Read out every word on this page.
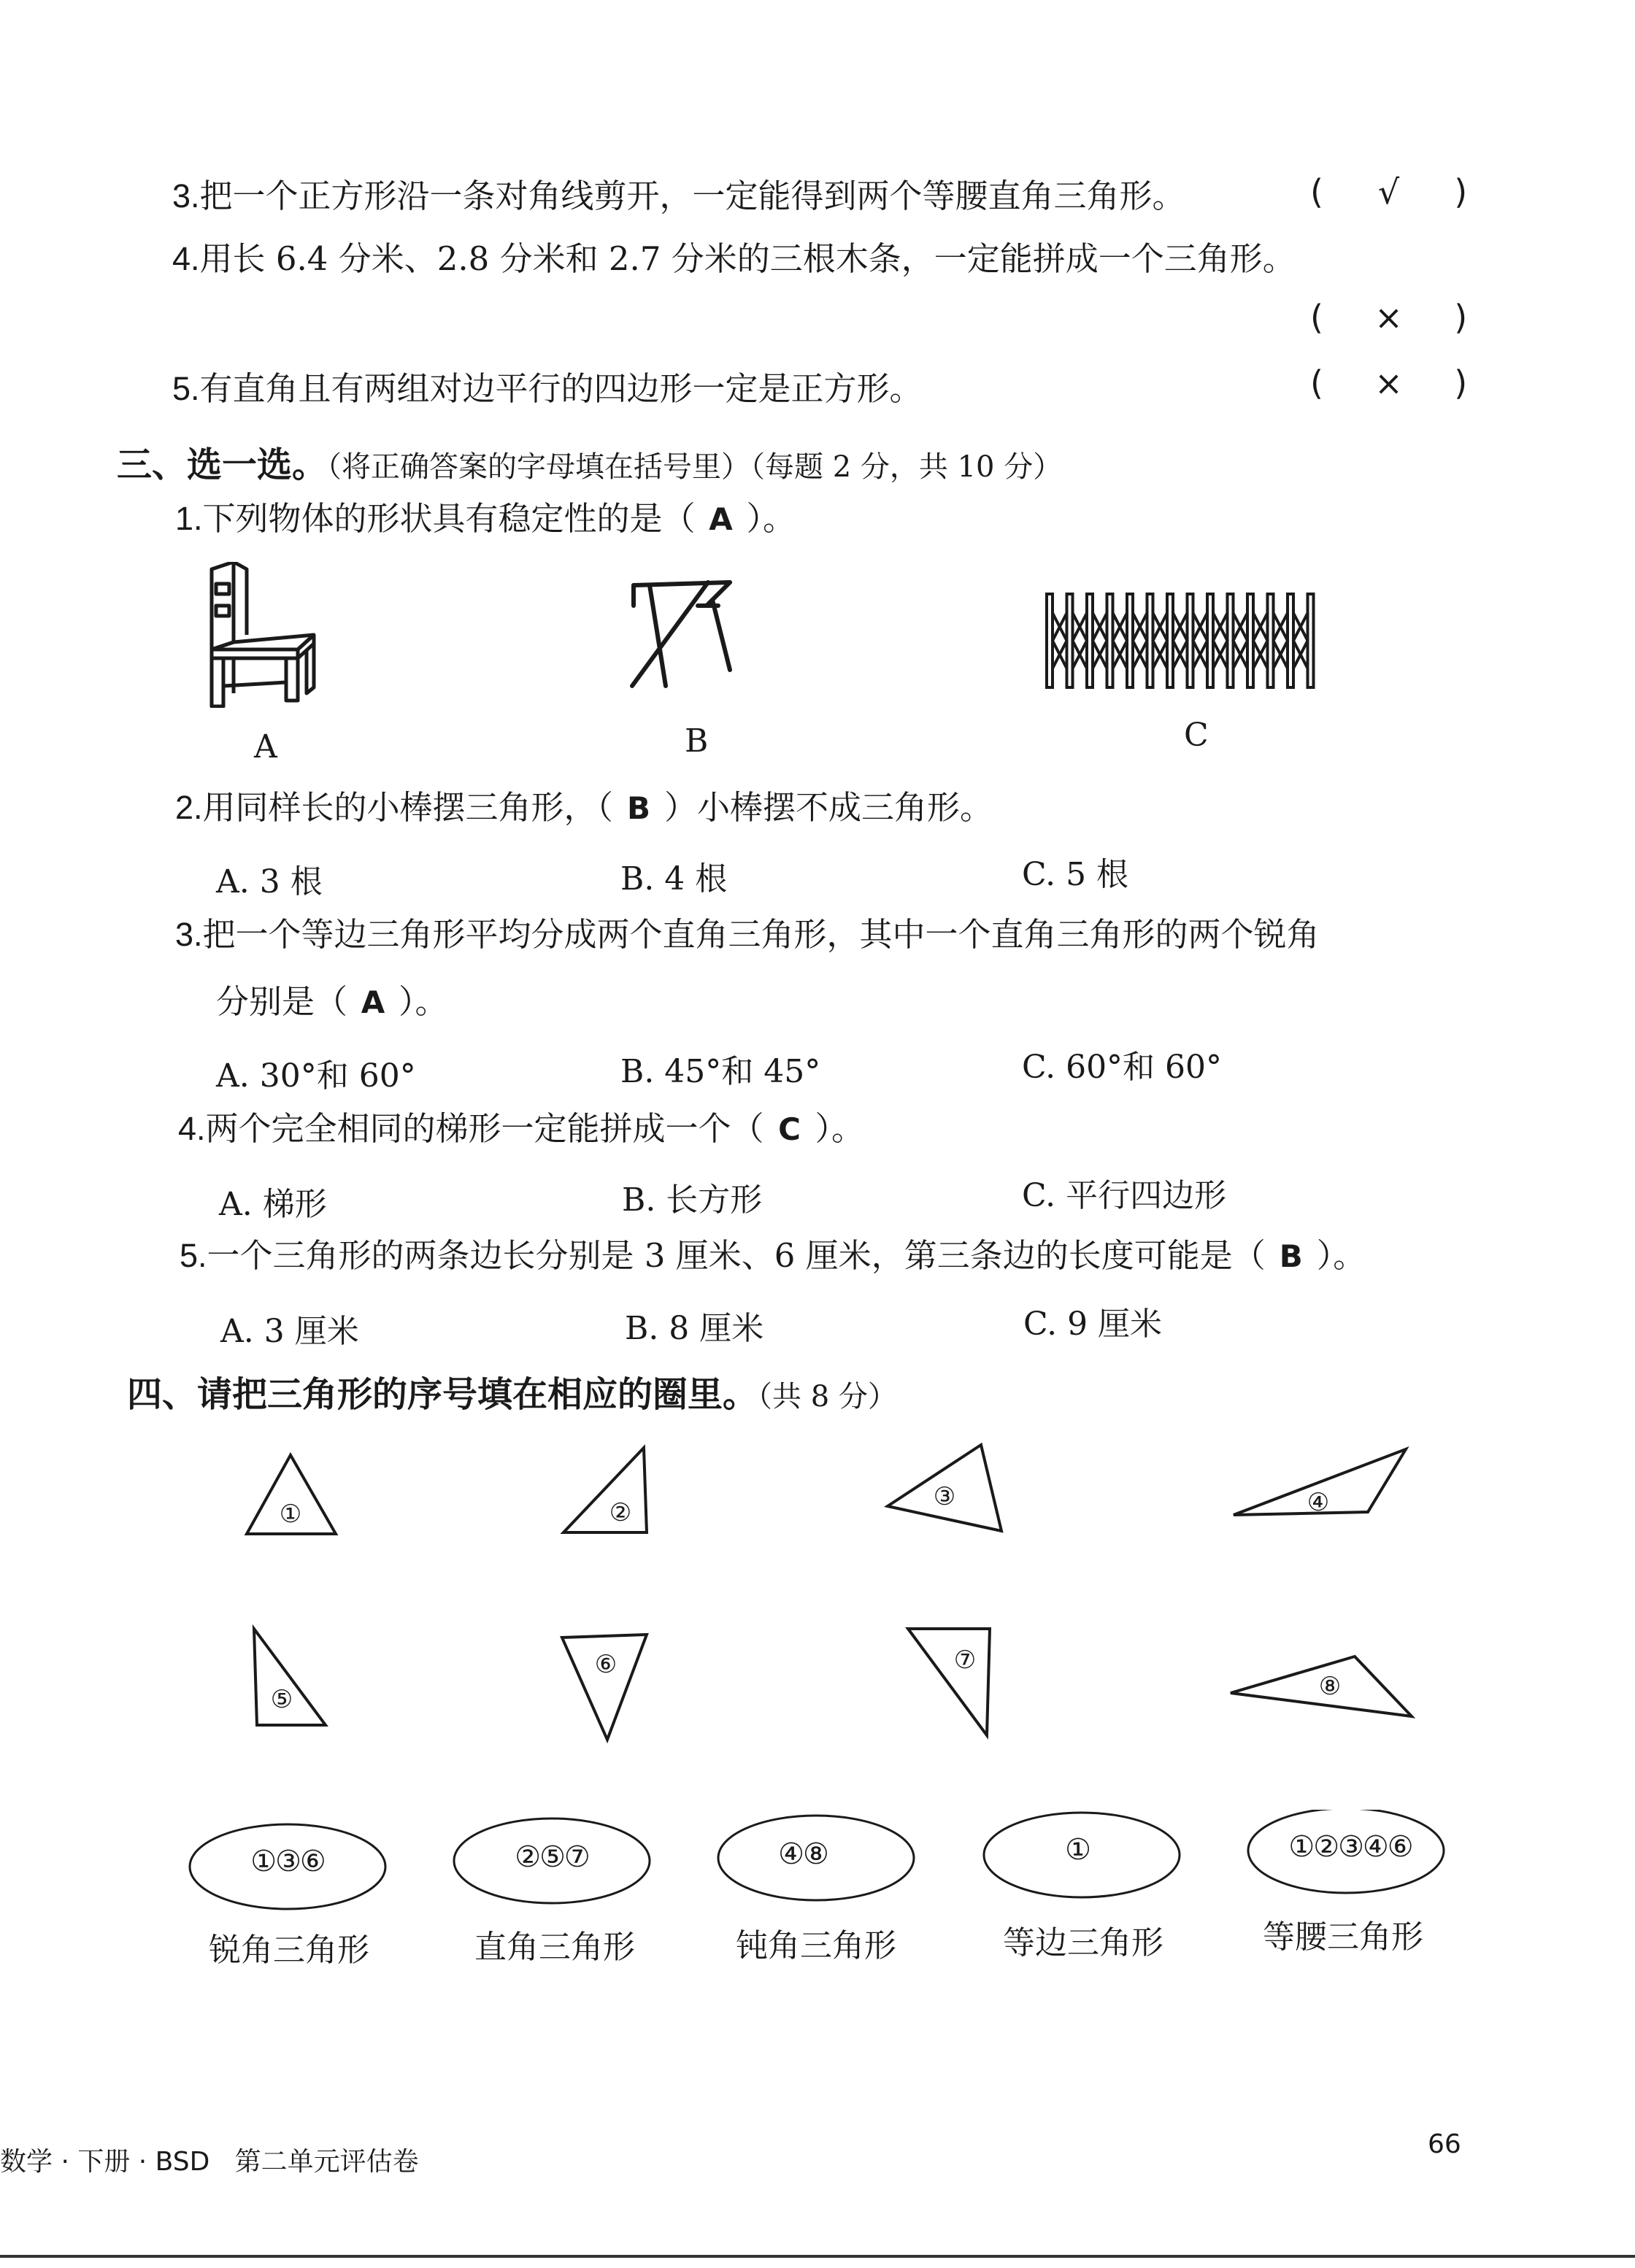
3.把一个正方形沿一条对角线剪开，一定能得到两个等腰直角三角形。	( √ )
4.用长 6.4 分米、2.8 分米和 2.7 分米的三根木条，一定能拼成一个三角形。
( × )
5.有直角且有两组对边平行的四边形一定是正方形。	( × )
三、选一选。（将正确答案的字母填在括号里）（每题 2 分，共 10 分）
1.下列物体的形状具有稳定性的是（ A ）。
A	B	C
2.用同样长的小棒摆三角形，（ B ）小棒摆不成三角形。
A. 3 根	B. 4 根	C. 5 根
3.把一个等边三角形平均分成两个直角三角形，其中一个直角三角形的两个锐角
分别是（ A ）。
A. 30°和 60°	B. 45°和 45°	C. 60°和 60°
4.两个完全相同的梯形一定能拼成一个（ C ）。
A. 梯形	B. 长方形	C. 平行四边形
5.一个三角形的两条边长分别是 3 厘米、6 厘米，第三条边的长度可能是（ B ）。
A. 3 厘米	B. 8 厘米	C. 9 厘米
四、请把三角形的序号填在相应的圈里。（共 8 分）
①	②
③	④
⑤
⑥	⑦
⑧
①③⑥	②⑤⑦	④⑧	①	①②③④⑥
锐角三角形	直角三角形	钝角三角形	等边三角形	等腰三角形
数学 · 下册 · BSD 第二单元评估卷
66
